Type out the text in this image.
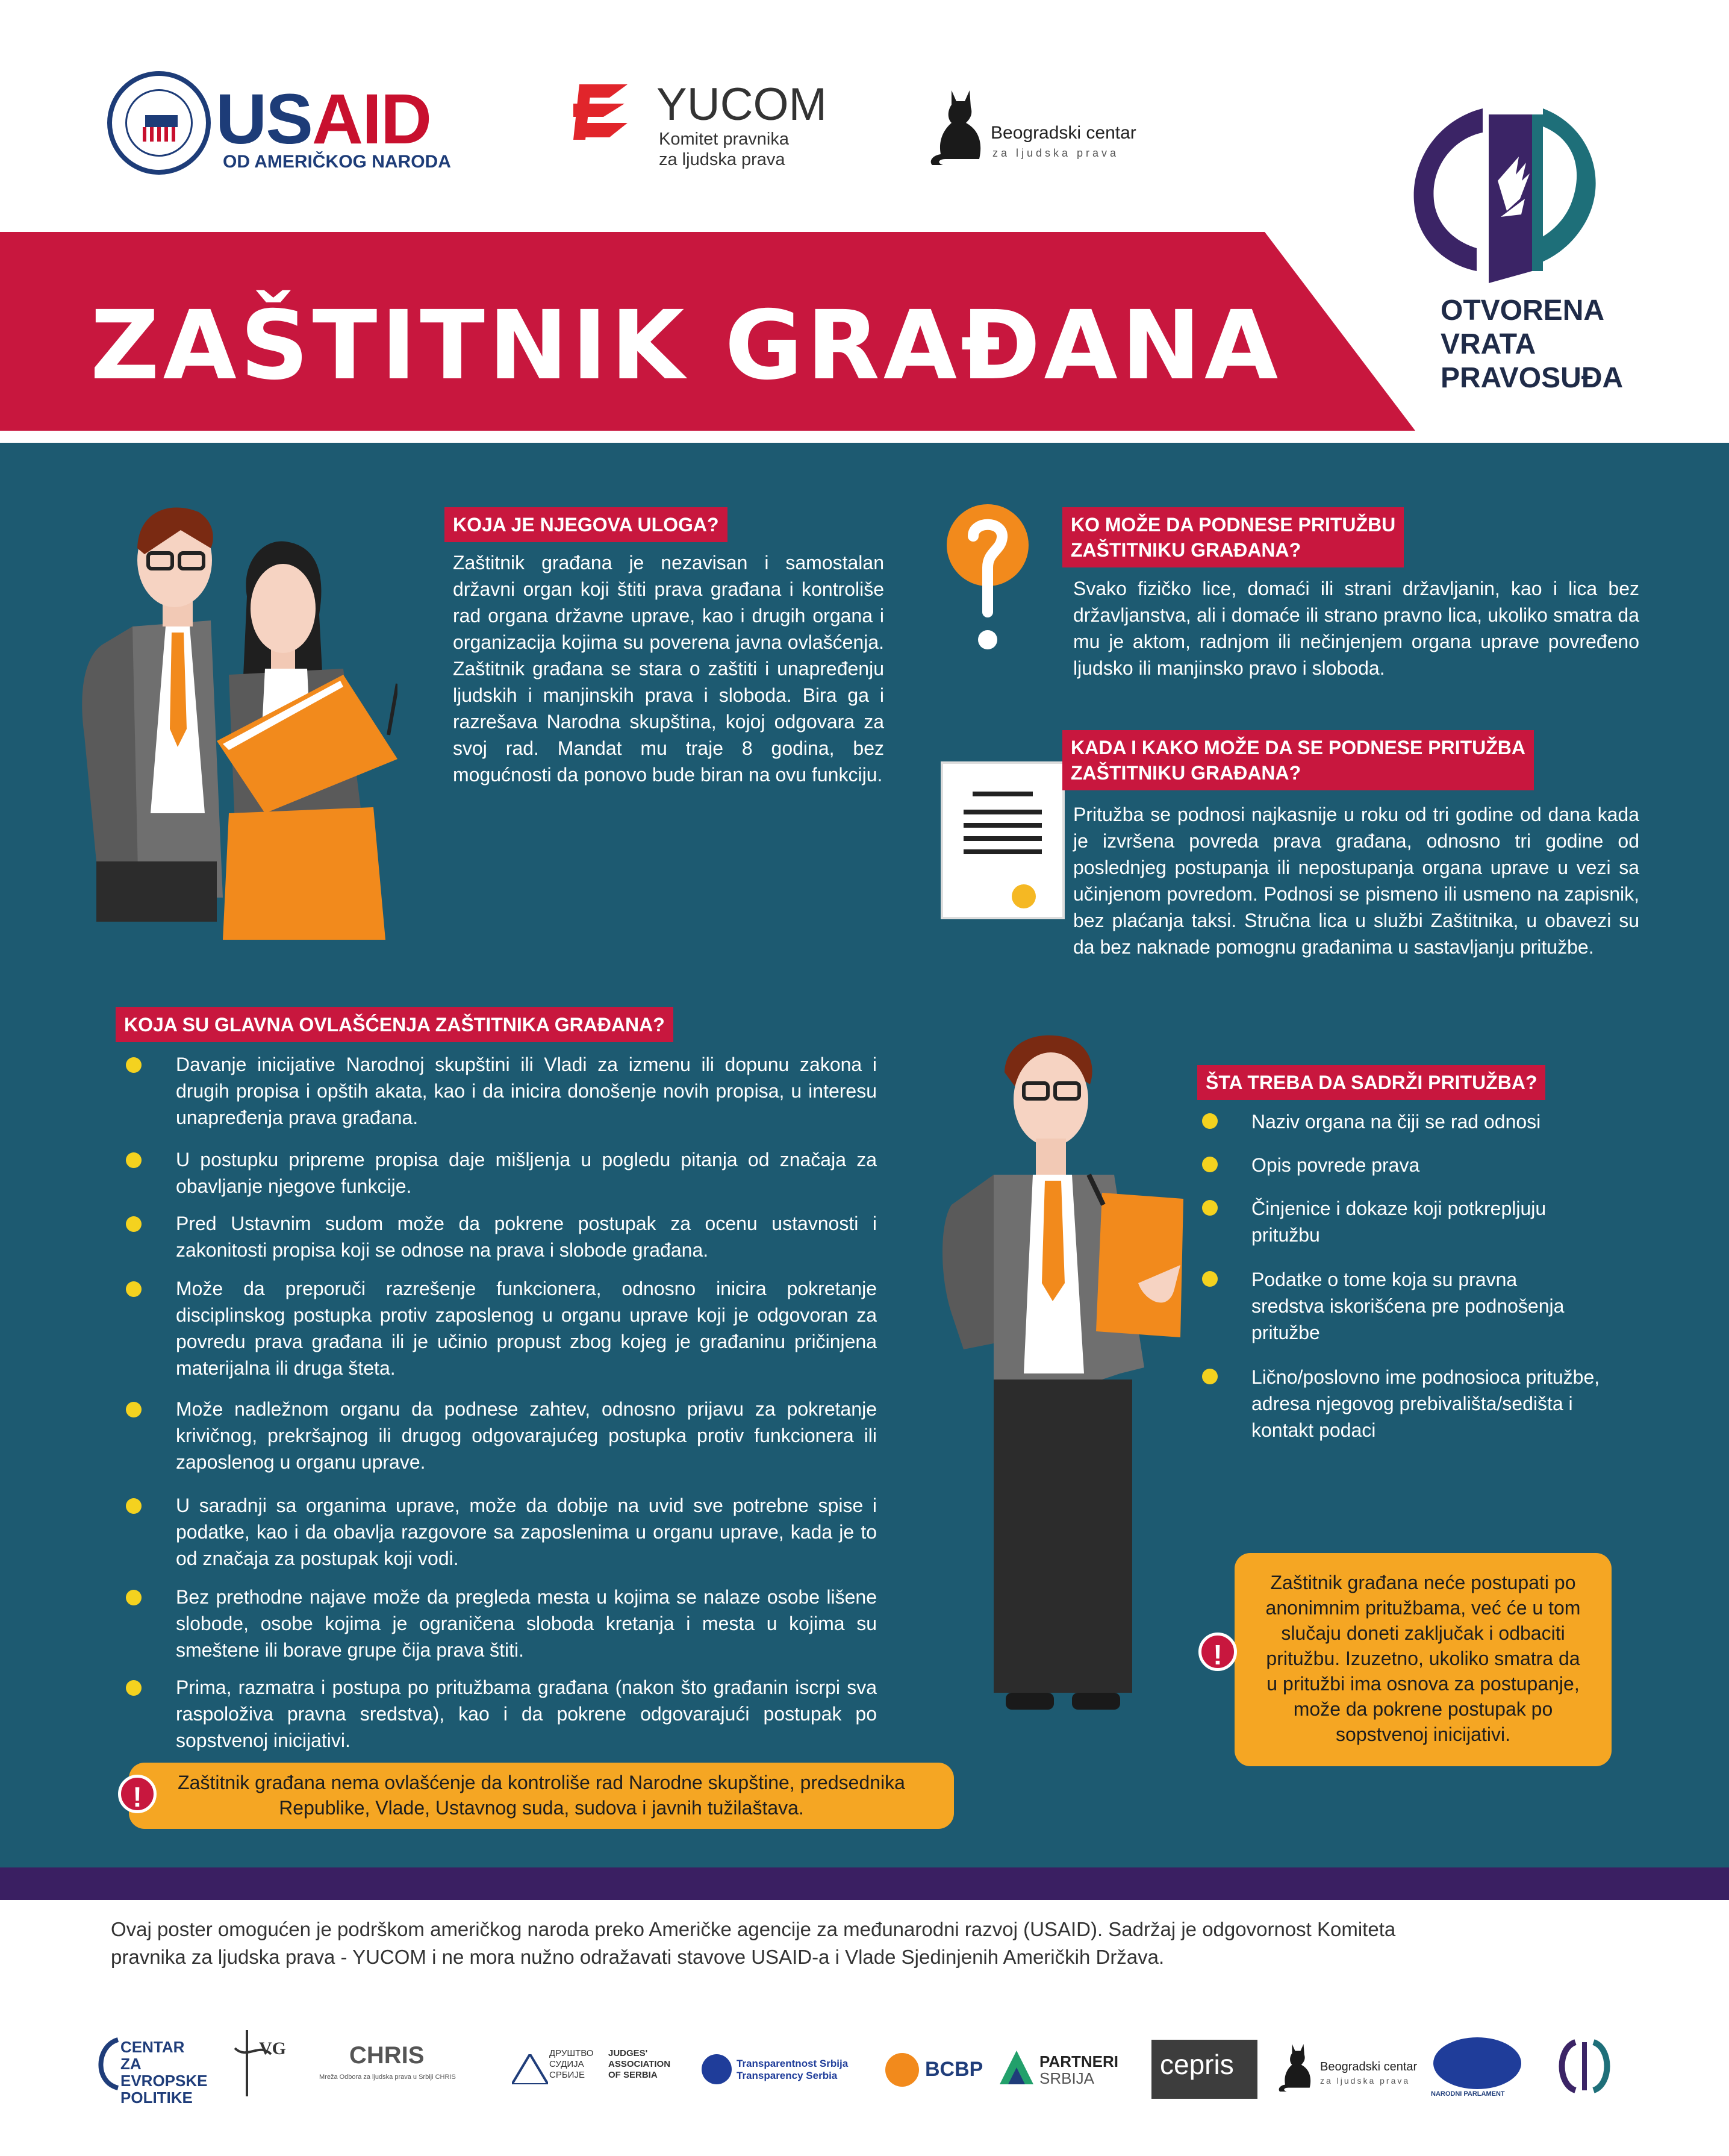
USAID
OD AMERIČKOG NARODA
YUCOM
Komitet pravnika
za ljudska prava
Beogradski centar
za ljudska prava
ZAŠTITNIK GRAĐANA	OTVORENA
VRATA
PRAVOSUĐA
KOJA JE NJEGOVA ULOGA?
Zaštitnik građana je nezavisan i samostalan državni organ koji štiti prava građana i kontroliše rad organa državne uprave, kao i drugih organa i organizacija kojima su poverena javna ovlašćenja. Zaštitnik građana se stara o zaštiti i unapređenju ljudskih i manjinskih prava i sloboda. Bira ga i razrešava Narodna skupština, kojoj odgovara za svoj rad. Mandat mu traje 8 godina, bez mogućnosti da ponovo bude biran na ovu funkciju.
KO MOŽE DA PODNESE PRITUŽBU
ZAŠTITNIKU GRAĐANA?
Svako fizičko lice, domaći ili strani državljanin, kao i lica bez državljanstva, ali i domaće ili strano pravno lica, ukoliko smatra da mu je aktom, radnjom ili nečinjenjem organa uprave povređeno ljudsko ili manjinsko pravo i sloboda.
KADA I KAKO MOŽE DA SE PODNESE PRITUŽBA
ZAŠTITNIKU GRAĐANA?
Pritužba se podnosi najkasnije u roku od tri godine od dana kada je izvršena povreda prava građana, odnosno tri godine od poslednjeg postupanja ili nepostupanja organa uprave u vezi sa učinjenom povredom. Podnosi se pismeno ili usmeno na zapisnik, bez plaćanja taksi. Stručna lica u službi Zaštitnika, u obavezi su da bez naknade pomognu građanima u sastavljanju pritužbe.
KOJA SU GLAVNA OVLAŠĆENJA ZAŠTITNIKA GRAĐANA?
Davanje inicijative Narodnoj skupštini ili Vladi za izmenu ili dopunu zakona i drugih propisa i opštih akata, kao i da inicira donošenje novih propisa, u interesu unapređenja prava građana.
U postupku pripreme propisa daje mišljenja u pogledu pitanja od značaja za obavljanje njegove funkcije.
Pred Ustavnim sudom može da pokrene postupak za ocenu ustavnosti i zakonitosti propisa koji se odnose na prava i slobode građana.
Može da preporuči razrešenje funkcionera, odnosno inicira pokretanje disciplinskog postupka protiv zaposlenog u organu uprave koji je odgovoran za povredu prava građana ili je učinio propust zbog kojeg je građaninu pričinjena materijalna ili druga šteta.
Može nadležnom organu da podnese zahtev, odnosno prijavu za pokretanje krivičnog, prekršajnog ili drugog odgovarajućeg postupka protiv funkcionera ili zaposlenog u organu uprave.
U saradnji sa organima uprave, može da dobije na uvid sve potrebne spise i podatke, kao i da obavlja razgovore sa zaposlenima u organu uprave, kada je to od značaja za postupak koji vodi.
Bez prethodne najave može da pregleda mesta u kojima se nalaze osobe lišene slobode, osobe kojima je ograničena sloboda kretanja i mesta u kojima su smeštene ili borave grupe čija prava štiti.
Prima, razmatra i postupa po pritužbama građana (nakon što građanin iscrpi sva raspoloživa pravna sredstva), kao i da pokrene odgovarajući postupak po sopstvenoj inicijativi.
Zaštitnik građana nema ovlašćenje da kontroliše rad Narodne skupštine, predsednika
Republike, Vlade, Ustavnog suda, sudova i javnih tužilaštava.
!
ŠTA TREBA DA SADRŽI PRITUŽBA?
Naziv organa na čiji se rad odnosi
Opis povrede prava
Činjenice i dokaze koji potkrepljuju pritužbu
Podatke o tome koja su pravna sredstva iskorišćena pre podnošenja pritužbe
Lično/poslovno ime podnosioca pritužbe, adresa njegovog prebivališta/sedišta i kontakt podaci
Zaštitnik građana neće postupati po anonimnim pritužbama, već će u tom slučaju doneti zaključak i odbaciti pritužbu. Izuzetno, ukoliko smatra da u pritužbi ima osnova za postupanje, može da pokrene postupak po sopstvenoj inicijativi.
!
Ovaj poster omogućen je podrškom američkog naroda preko Američke agencije za međunarodni razvoj (USAID). Sadržaj je odgovornost Komiteta
pravnika za ljudska prava - YUCOM i ne mora nužno odražavati stavove USAID-a i Vlade Sjedinjenih Američkih Država.
CENTAR ZA
EVROPSKE
POLITIKE
VG	CHRIS
Mreža Odbora za ljudska prava u Srbiji CHRIS
ДРУШТВО
СУДИЈА
СРБИЈЕ
JUDGES'
ASSOCIATION
OF SERBIA
Transparentnost Srbija
Transparency Serbia	BCBP	PARTNERI
SRBIJA	cepris	Beogradski centar
za ljudska prava
NARODNI PARLAMENT
